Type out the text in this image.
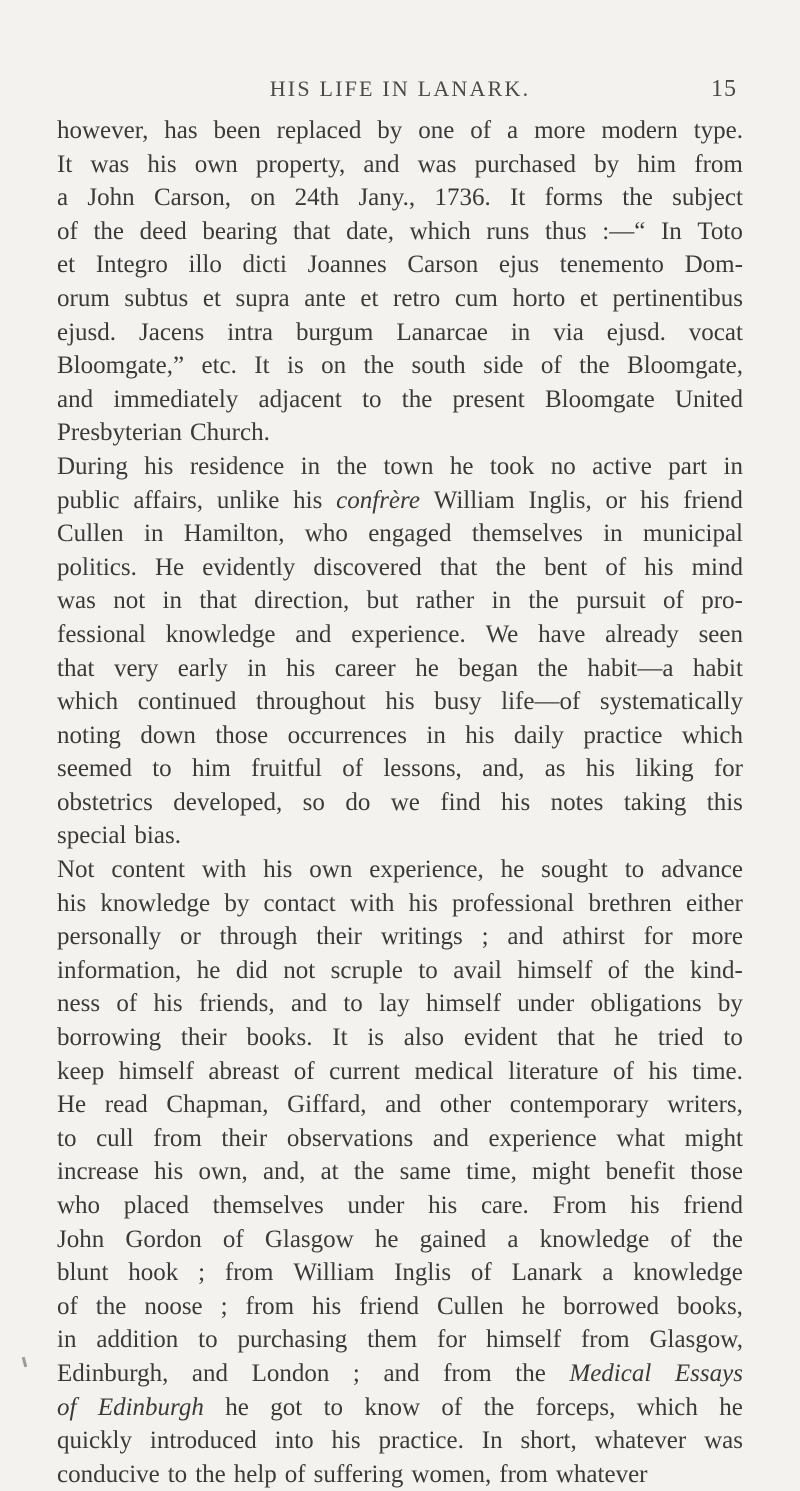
HIS LIFE IN LANARK.	15
however, has been replaced by one of a more modern type.
It was his own property, and was purchased by him from
a John Carson, on 24th Jany., 1736. It forms the subject
of the deed bearing that date, which runs thus :—“ In Toto
et Integro illo dicti Joannes Carson ejus tenemento Dom-
orum subtus et supra ante et retro cum horto et pertinentibus
ejusd. Jacens intra burgum Lanarcae in via ejusd. vocat
Bloomgate,” etc. It is on the south side of the Bloomgate,
and immediately adjacent to the present Bloomgate United
Presbyterian Church.
During his residence in the town he took no active part in
public affairs, unlike his confrère William Inglis, or his friend
Cullen in Hamilton, who engaged themselves in municipal
politics. He evidently discovered that the bent of his mind
was not in that direction, but rather in the pursuit of pro-
fessional knowledge and experience. We have already seen
that very early in his career he began the habit—a habit
which continued throughout his busy life—of systematically
noting down those occurrences in his daily practice which
seemed to him fruitful of lessons, and, as his liking for
obstetrics developed, so do we find his notes taking this
special bias.
Not content with his own experience, he sought to advance
his knowledge by contact with his professional brethren either
personally or through their writings ; and athirst for more
information, he did not scruple to avail himself of the kind-
ness of his friends, and to lay himself under obligations by
borrowing their books. It is also evident that he tried to
keep himself abreast of current medical literature of his time.
He read Chapman, Giffard, and other contemporary writers,
to cull from their observations and experience what might
increase his own, and, at the same time, might benefit those
who placed themselves under his care. From his friend
John Gordon of Glasgow he gained a knowledge of the
blunt hook ; from William Inglis of Lanark a knowledge
of the noose ; from his friend Cullen he borrowed books,
in addition to purchasing them for himself from Glasgow,
Edinburgh, and London ; and from the Medical Essays
of Edinburgh he got to know of the forceps, which he
quickly introduced into his practice. In short, whatever was
conducive to the help of suffering women, from whatever
